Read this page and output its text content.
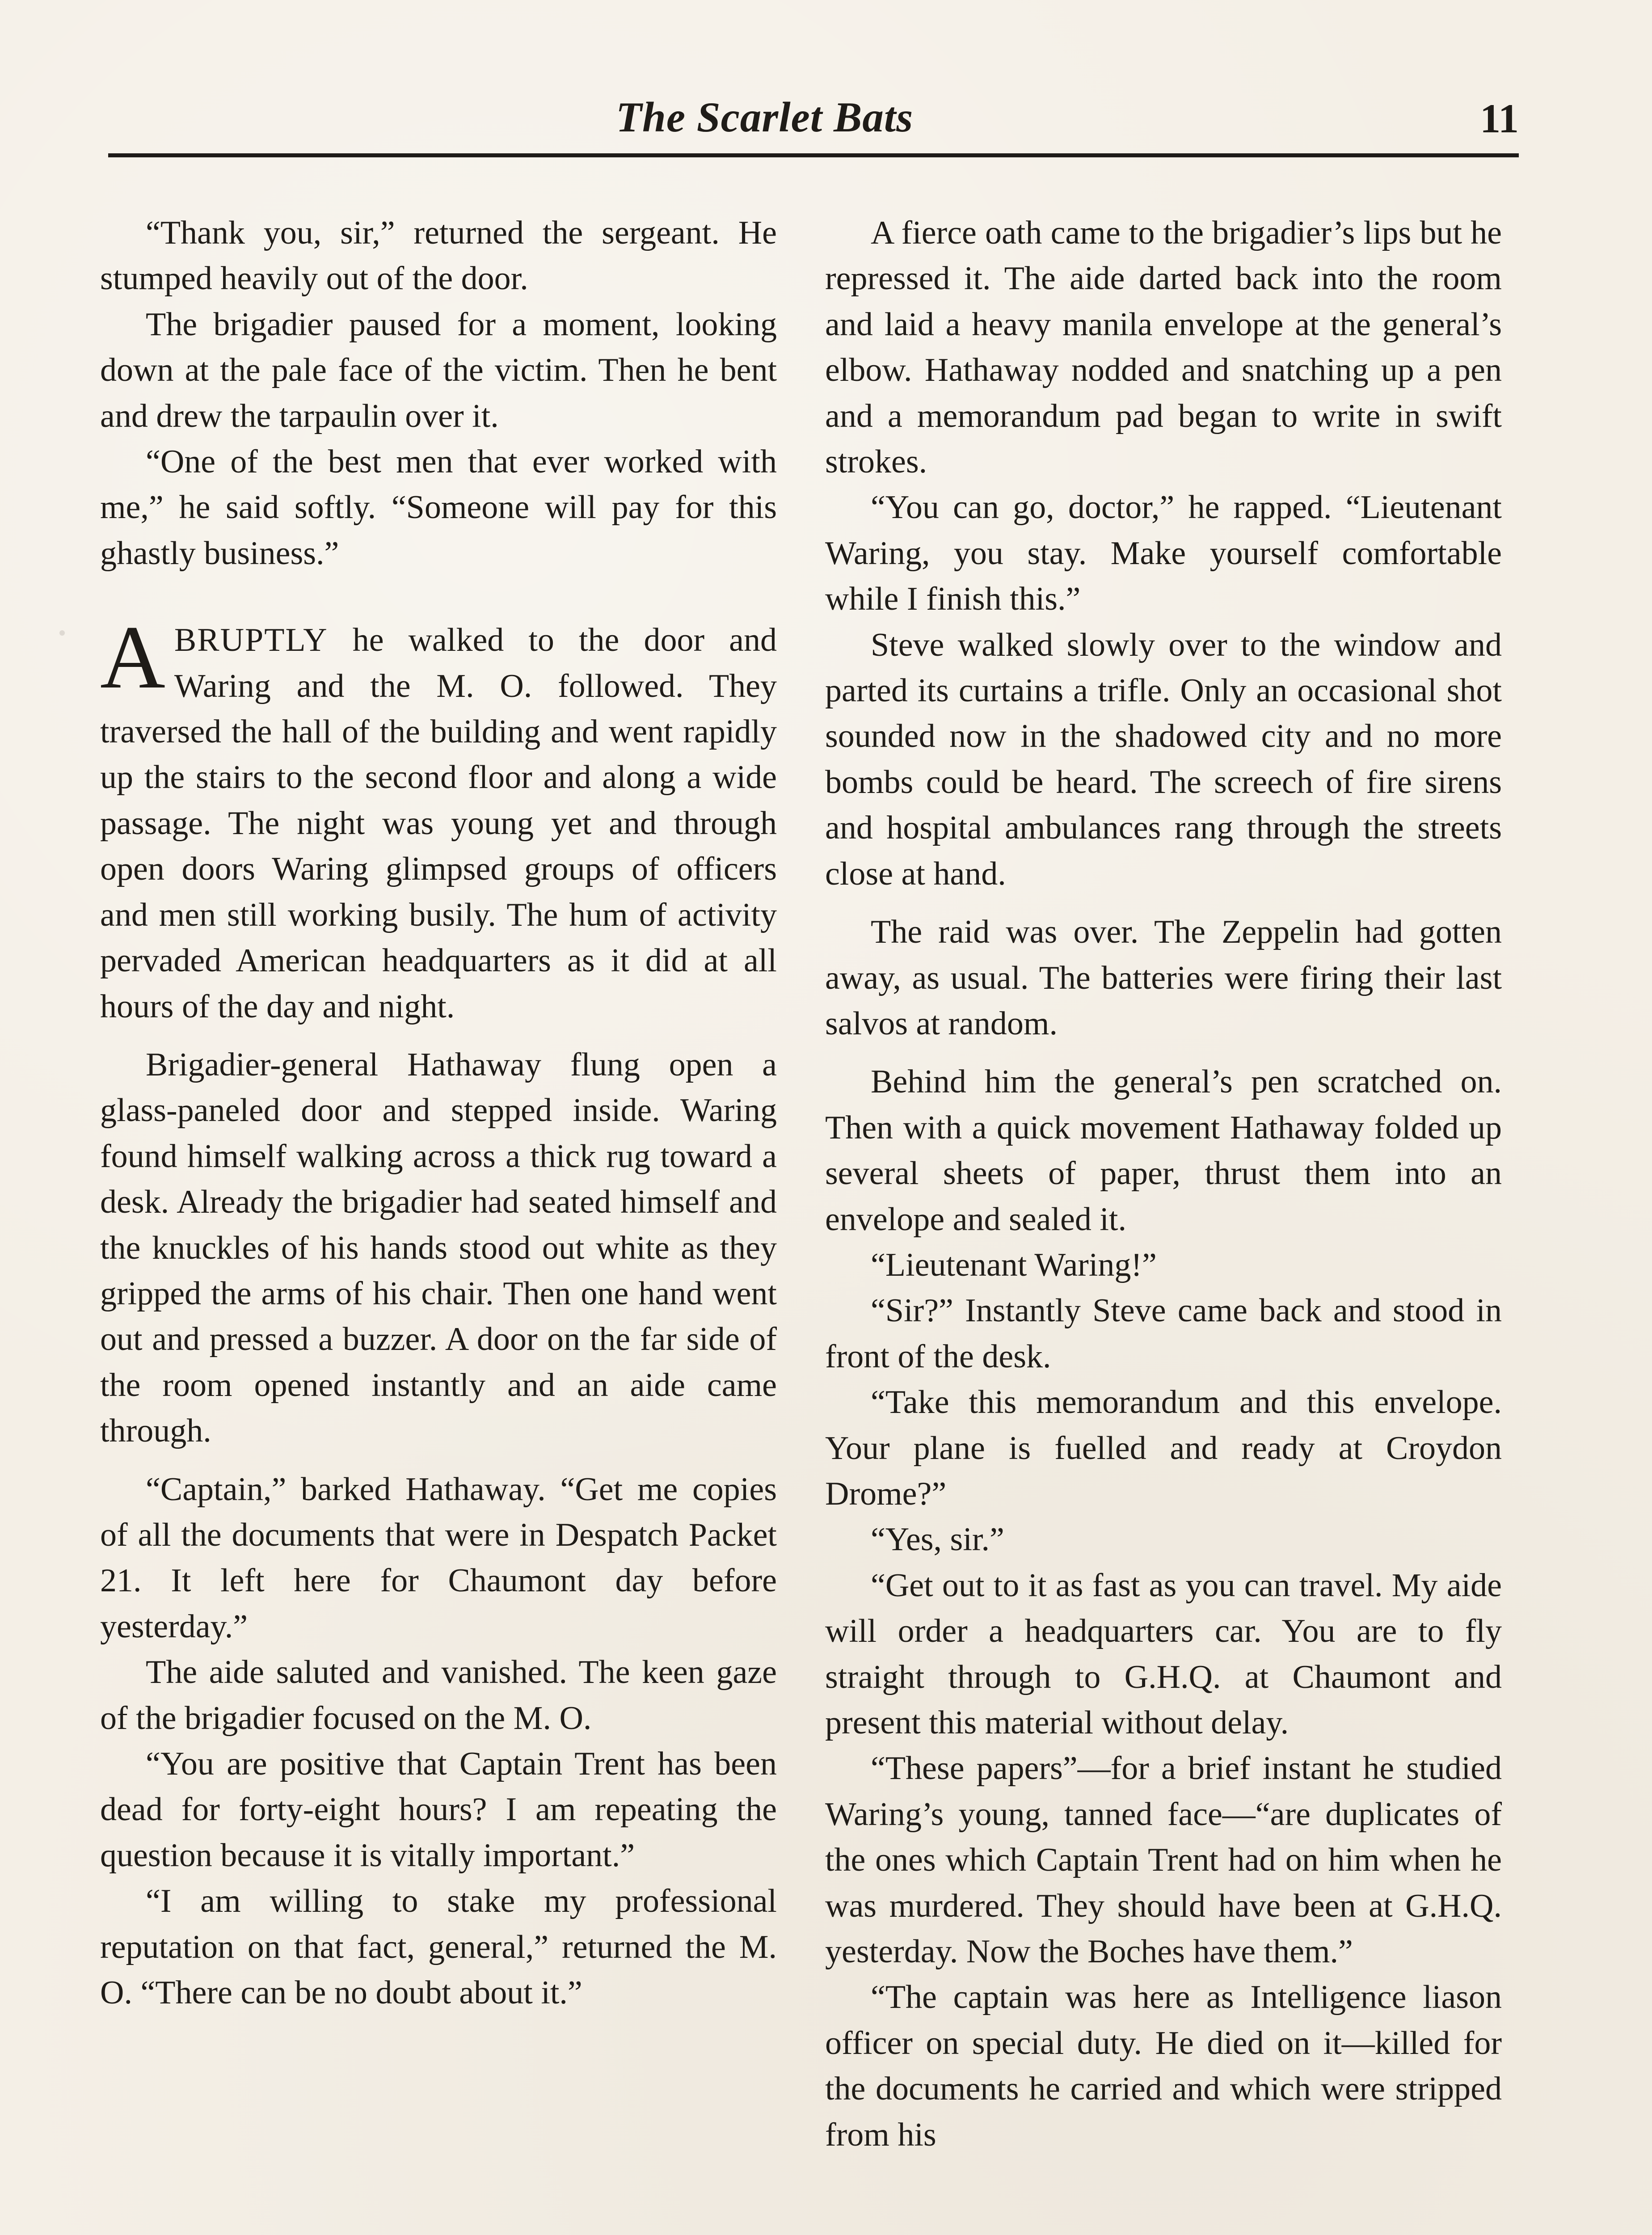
The Scarlet Bats	11

“Thank you, sir,” returned the sergeant. He stumped heavily out of the door.

The brigadier paused for a moment, looking down at the pale face of the victim. Then he bent and drew the tarpaulin over it.

“One of the best men that ever worked with me,” he said softly. “Someone will pay for this ghastly business.”

ABRUPTLY he walked to the door and Waring and the M. O. followed. They traversed the hall of the building and went rapidly up the stairs to the second floor and along a wide passage. The night was young yet and through open doors Waring glimpsed groups of officers and men still working busily. The hum of activity pervaded American headquarters as it did at all hours of the day and night.

Brigadier-general Hathaway flung open a glass-paneled door and stepped inside. Waring found himself walking across a thick rug toward a desk. Already the brigadier had seated himself and the knuckles of his hands stood out white as they gripped the arms of his chair. Then one hand went out and pressed a buzzer. A door on the far side of the room opened instantly and an aide came through.

“Captain,” barked Hathaway. “Get me copies of all the documents that were in Despatch Packet 21. It left here for Chaumont day before yesterday.”

The aide saluted and vanished. The keen gaze of the brigadier focused on the M. O.

“You are positive that Captain Trent has been dead for forty-eight hours? I am repeating the question because it is vitally important.”

“I am willing to stake my professional reputation on that fact, general,” returned the M. O. “There can be no doubt about it.”

A fierce oath came to the brigadier’s lips but he repressed it. The aide darted back into the room and laid a heavy manila envelope at the general’s elbow. Hathaway nodded and snatching up a pen and a memorandum pad began to write in swift strokes.

“You can go, doctor,” he rapped. “Lieutenant Waring, you stay. Make yourself comfortable while I finish this.”

Steve walked slowly over to the window and parted its curtains a trifle. Only an occasional shot sounded now in the shadowed city and no more bombs could be heard. The screech of fire sirens and hospital ambulances rang through the streets close at hand.

The raid was over. The Zeppelin had gotten away, as usual. The batteries were firing their last salvos at random.

Behind him the general’s pen scratched on. Then with a quick movement Hathaway folded up several sheets of paper, thrust them into an envelope and sealed it.

“Lieutenant Waring!”

“Sir?” Instantly Steve came back and stood in front of the desk.

“Take this memorandum and this envelope. Your plane is fuelled and ready at Croydon Drome?”

“Yes, sir.”

“Get out to it as fast as you can travel. My aide will order a headquarters car. You are to fly straight through to G.H.Q. at Chaumont and present this material without delay.

“These papers”—for a brief instant he studied Waring’s young, tanned face—“are duplicates of the ones which Captain Trent had on him when he was murdered. They should have been at G.H.Q. yesterday. Now the Boches have them.”

“The captain was here as Intelligence liason officer on special duty. He died on it—killed for the documents he carried and which were stripped from his
